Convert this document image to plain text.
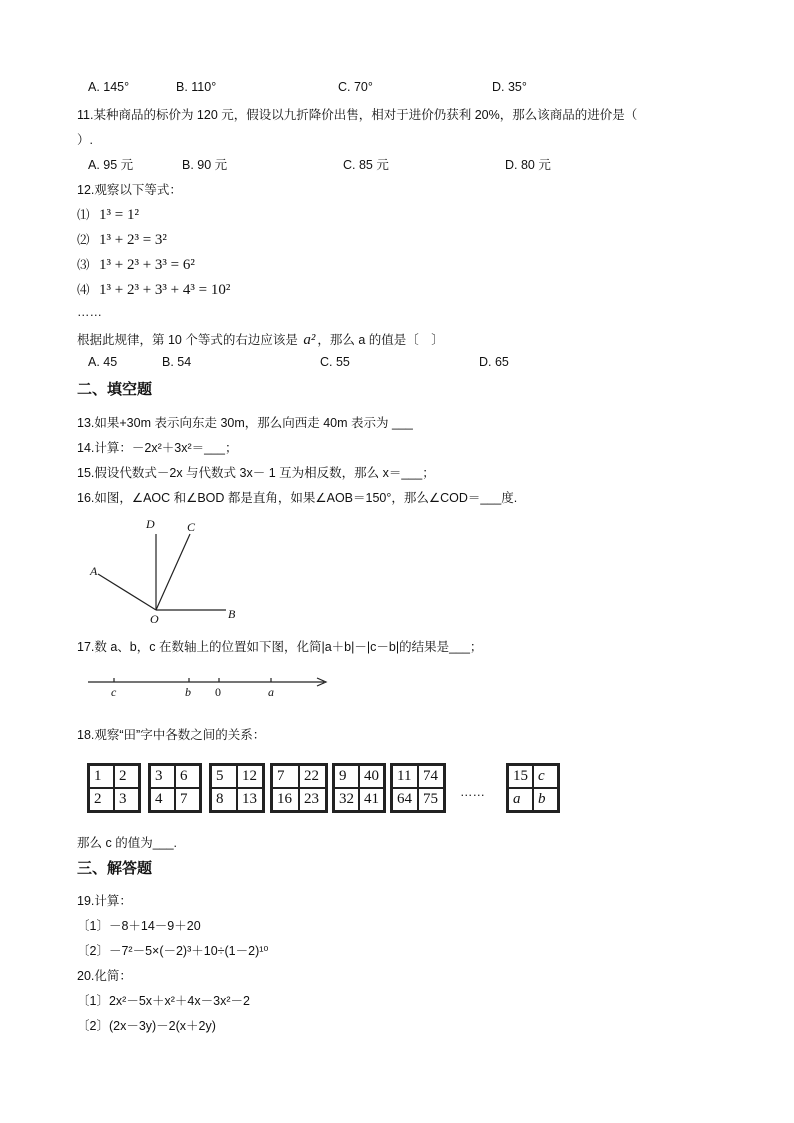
A. 145°	B. 110°	C. 70°	D. 35°
11.某种商品的标价为 120 元，假设以九折降价出售，相对于进价仍获利 20%，那么该商品的进价是（
）.
A. 95 元	B. 90 元	C. 85 元	D. 80 元
12.观察以下等式：
⑴ 1³ = 1²
⑵ 1³ + 2³ = 3²
⑶ 1³ + 2³ + 3³ = 6²
⑷ 1³ + 2³ + 3³ + 4³ = 10²
……
根据此规律，第 10 个等式的右边应该是 a² ，那么 a 的值是〔　〕
A. 45	B. 54	C. 55	D. 65
二、填空题
13.如果+30m 表示向东走 30m，那么向西走 40m 表示为 ___
14.计算：－2x²＋3x²＝___；
15.假设代数式－2x 与代数式 3x－ 1 互为相反数，那么 x＝___；
16.如图，∠AOC 和∠BOD 都是直角，如果∠AOB＝150°，那么∠COD＝___度.
D	C
A
O	B
17.数 a、b，c 在数轴上的位置如下图，化简|a＋b|－|c－b|的结果是___；
c	b 0	a
18.观察“田”字中各数之间的关系：
1	2
2	3
3	6
4	7
5	12
8	13
7	22
16 23
9	40
32 41
11 74
64 75	……
15 c
a	b
那么 c 的值为___.
三、解答题
19.计算：
〔1〕－8＋14－9＋20
〔2〕－7²－5×(－2)³＋10÷(1－2)¹⁰
20.化简：
〔1〕2x²－5x＋x²＋4x－3x²－2
〔2〕(2x－3y)－2(x＋2y)
